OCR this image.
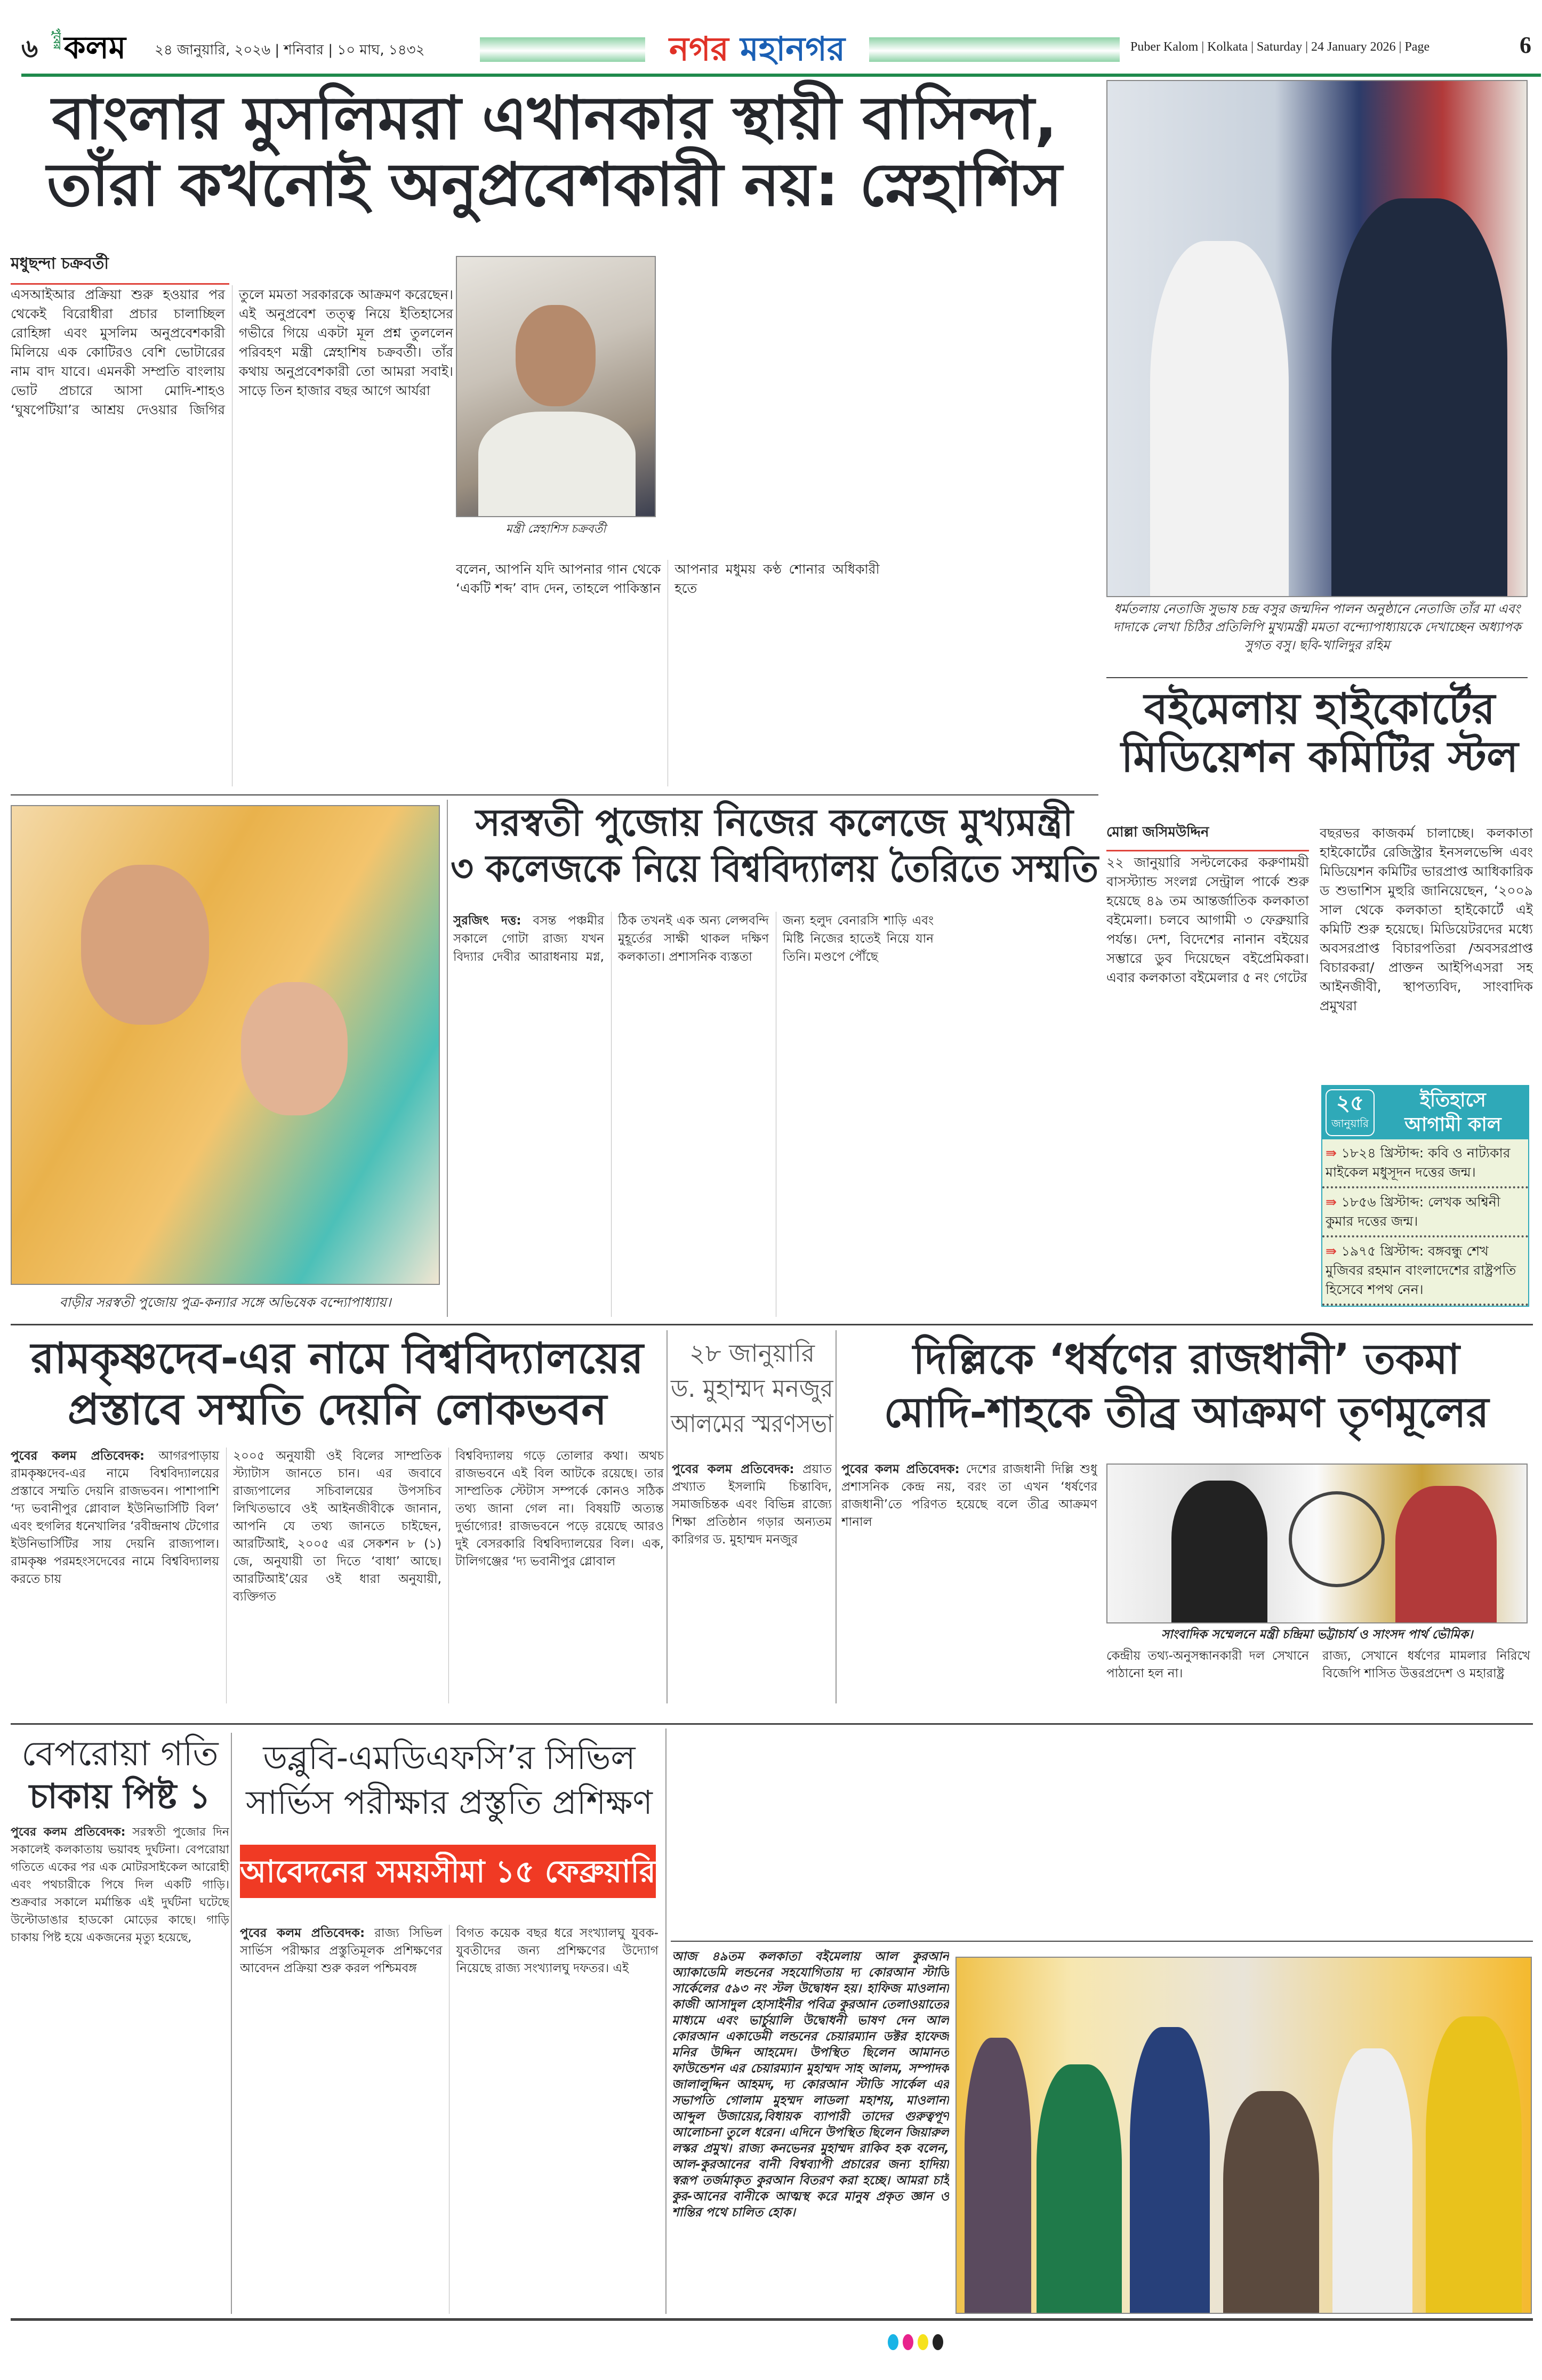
৬	পুবের কলম ২৪ জানুয়ারি, ২০২৬ | শনিবার | ১০ মাঘ, ১৪৩২	নগর মহানগর	Puber Kalom | Kolkata | Saturday | 24 January 2026 | Page	6
বাংলার মুসলিমরা এখানকার স্থায়ী বাসিন্দা,
তাঁরা কখনোই অনুপ্রবেশকারী নয়: স্নেহাশিস
মধুছন্দা চক্রবর্তী

এসআইআর প্রক্রিয়া শুরু হওয়ার পর থেকেই বিরোধীরা প্রচার চালাচ্ছিল রোহিঙ্গা এবং মুসলিম অনুপ্রবেশকারী মিলিয়ে এক কোটিরও বেশি ভোটারের নাম বাদ যাবে। এমনকী সম্প্রতি বাংলায় ভোট প্রচারে আসা মোদি-শাহও ‘ঘুষপেটিয়া’র আশ্রয় দেওয়ার জিগির তুলে মমতা সরকারকে আক্রমণ করেছেন। এই অনুপ্রবেশ তত্ত্ব নিয়ে ইতিহাসের গভীরে গিয়ে একটা মূল প্রশ্ন তুললেন পরিবহণ মন্ত্রী স্নেহাশিষ চক্রবর্তী। তাঁর কথায় অনুপ্রবেশকারী তো আমরা সবাই। সাড়ে তিন হাজার বছর আগে আর্যরা

মন্ত্রী স্নেহাশিস চক্রবর্তী

বলেন, আপনি যদি আপনার গান থেকে ‘একটি শব্দ’ বাদ দেন, তাহলে পাকিস্তান আপনার মধুময় কণ্ঠ শোনার অধিকারী হতে

ধর্মতলায় নেতাজি সুভাষ চন্দ্র বসুর জন্মদিন পালন অনুষ্ঠানে নেতাজি তাঁর মা এবং দাদাকে লেখা চিঠির প্রতিলিপি মুখ্যমন্ত্রী মমতা বন্দ্যোপাধ্যায়কে দেখাচ্ছেন অধ্যাপক সুগত বসু। ছবি-খালিদুর রহিম
বইমেলায় হাইকোর্টের
মিডিয়েশন কমিটির স্টল
মোল্লা জসিমউদ্দিন

২২ জানুয়ারি সল্টলেকের করুণাময়ী বাসস্ট্যান্ড সংলগ্ন সেন্ট্রাল পার্কে শুরু হয়েছে ৪৯ তম আন্তর্জাতিক কলকাতা বইমেলা। চলবে আগামী ৩ ফেব্রুয়ারি পর্যন্ত। দেশ, বিদেশের নানান বইয়ের সম্ভারে ডুব দিয়েছেন বইপ্রেমিকরা। এবার কলকাতা বইমেলার ৫ নং গেটের

বছরভর কাজকর্ম চালাচ্ছে। কলকাতা হাইকোর্টের রেজিস্ট্রার ইনসলভেন্সি এবং মিডিয়েশন কমিটির ভারপ্রাপ্ত আধিকারিক ড শুভাশিস মুহুরি জানিয়েছেন, ‘২০০৯ সাল থেকে কলকাতা হাইকোর্টে এই কমিটি শুরু হয়েছে। মিডিয়েটরদের মধ্যে অবসরপ্রাপ্ত বিচারপতিরা /অবসরপ্রাপ্ত বিচারকরা/ প্রাক্তন আইপিএসরা সহ আইনজীবী, স্থাপত্যবিদ, সাংবাদিক প্রমুখরা

২৫
জানুয়ারি
ইতিহাসে
আগামী কাল
⇛ ১৮২৪ খ্রিস্টাব্দ: কবি ও নাট্যকার মাইকেল মধুসূদন দত্তের জন্ম।
⇛ ১৮৫৬ খ্রিস্টাব্দ: লেখক অশ্বিনী কুমার দত্তের জন্ম।
⇛ ১৯৭৫ খ্রিস্টাব্দ: বঙ্গবন্ধু শেখ মুজিবর রহমান বাংলাদেশের রাষ্ট্রপতি হিসেবে শপথ নেন।
বাড়ীর সরস্বতী পুজোয় পুত্র-কন্যার সঙ্গে অভিষেক বন্দ্যোপাধ্যায়।
সরস্বতী পুজোয় নিজের কলেজে মুখ্যমন্ত্রী
৩ কলেজকে নিয়ে বিশ্ববিদ্যালয় তৈরিতে সম্মতি

সুরজিৎ দত্ত: বসন্ত পঞ্চমীর সকালে গোটা রাজ্য যখন বিদ্যার দেবীর আরাধনায় মগ্ন, ঠিক তখনই এক অন্য লেন্সবন্দি মুহূর্তের সাক্ষী থাকল দক্ষিণ কলকাতা। প্রশাসনিক ব্যস্ততা

জন্য হলুদ বেনারসি শাড়ি এবং মিষ্টি নিজের হাতেই নিয়ে যান তিনি। মণ্ডপে পৌঁছে

রামকৃষ্ণদেব-এর নামে বিশ্ববিদ্যালয়ের
প্রস্তাবে সম্মতি দেয়নি লোকভবন

পুবের কলম প্রতিবেদক: আগরপাড়ায় রামকৃষ্ণদেব-এর নামে বিশ্ববিদ্যালয়ের প্রস্তাবে সম্মতি দেয়নি রাজভবন। পাশাপাশি ‘দ্য ভবানীপুর গ্লোবাল ইউনিভার্সিটি বিল’ এবং হুগলির ধনেখালির ‘রবীন্দ্রনাথ টেগোর ইউনিভার্সিটির সায় দেয়নি রাজ্যপাল। রামকৃষ্ণ পরমহংসদেবের নামে বিশ্ববিদ্যালয় করতে চায়

২০০৫ অনুযায়ী ওই বিলের সাম্প্রতিক স্ট্যাটাস জানতে চান। এর জবাবে রাজ্যপালের সচিবালয়ের উপসচিব লিখিতভাবে ওই আইনজীবীকে জানান, আপনি যে তথ্য জানতে চাইছেন, আরটিআই, ২০০৫ এর সেকশন ৮ (১) জে, অনুযায়ী তা দিতে ‘বাধা’ আছে। আরটিআই’য়ের ওই ধারা অনুযায়ী, ব্যক্তিগত

বিশ্ববিদ্যালয় গড়ে তোলার কথা। অথচ রাজভবনে এই বিল আটকে রয়েছে। তার সাম্প্রতিক স্টেটাস সম্পর্কে কোনও সঠিক তথ্য জানা গেল না। বিষয়টি অত্যন্ত দুর্ভাগ্যের! রাজভবনে পড়ে রয়েছে আরও দুই বেসরকারি বিশ্ববিদ্যালয়ের বিল। এক, টালিগঞ্জের ‘দ্য ভবানীপুর গ্লোবাল

২৮ জানুয়ারি
ড. মুহাম্মদ মনজুর
আলমের স্মরণসভা

পুবের কলম প্রতিবেদক: প্রয়াত প্রখ্যাত ইসলামি চিন্তাবিদ, সমাজচিন্তক এবং বিভিন্ন রাজ্যে শিক্ষা প্রতিষ্ঠান গড়ার অন্যতম কারিগর ড. মুহাম্মদ মনজুর

দিল্লিকে ‘ধর্ষণের রাজধানী’ তকমা
মোদি-শাহকে তীব্র আক্রমণ তৃণমূলের

পুবের কলম প্রতিবেদক: দেশের রাজধানী দিল্লি শুধু প্রশাসনিক কেন্দ্র নয়, বরং তা এখন ‘ধর্ষণের রাজধানী’তে পরিণত হয়েছে বলে তীব্র আক্রমণ শানাল

সাংবাদিক সম্মেলনে মন্ত্রী চন্দ্রিমা ভট্টাচার্য ও সাংসদ পার্থ ভৌমিক।

কেন্দ্রীয় তথ্য-অনুসন্ধানকারী দল সেখানে পাঠানো হল না।

রাজ্য, সেখানে ধর্ষণের মামলার নিরিখে বিজেপি শাসিত উত্তরপ্রদেশ ও মহারাষ্ট্র

বেপরোয়া গতি
চাকায় পিষ্ট ১

পুবের কলম প্রতিবেদক: সরস্বতী পুজোর দিন সকালেই কলকাতায় ভয়াবহ দুর্ঘটনা। বেপরোয়া গতিতে একের পর এক মোটরসাইকেল আরোহী এবং পথচারীকে পিষে দিল একটি গাড়ি। শুক্রবার সকালে মর্মান্তিক এই দুর্ঘটনা ঘটেছে উল্টোডাঙার হাডকো মোড়ের কাছে। গাড়ি চাকায় পিষ্ট হয়ে একজনের মৃত্যু হয়েছে,

ডব্লুবি-এমডিএফসি’র সিভিল
সার্ভিস পরীক্ষার প্রস্তুতি প্রশিক্ষণ
আবেদনের সময়সীমা ১৫ ফেব্রুয়ারি

পুবের কলম প্রতিবেদক: রাজ্য সিভিল সার্ভিস পরীক্ষার প্রস্তুতিমূলক প্রশিক্ষণের আবেদন প্রক্রিয়া শুরু করল পশ্চিমবঙ্গ

বিগত কয়েক বছর ধরে সংখ্যালঘু যুবক-যুবতীদের জন্য প্রশিক্ষণের উদ্যোগ নিয়েছে রাজ্য সংখ্যালঘু দফতর। এই

আজ ৪৯তম কলকাতা বইমেলায় আল কুরআন অ্যাকাডেমি লন্ডনের সহযোগিতায় দ্য কোরআন স্টাডি সার্কেলের ৫৯৩ নং স্টল উদ্বোধন হয়। হাফিজ মাওলানা কাজী আসাদুল হোসাইনীর পবিত্র কুরআন তেলাওয়াতের মাধ্যমে এবং ভার্চুয়ালি উদ্বোধনী ভাষণ দেন আল কোরআন একাডেমী লন্ডনের চেয়ারম্যান ডক্টর হাফেজ মনির উদ্দিন আহমেদ। উপস্থিত ছিলেন আমানত ফাউন্ডেশন এর চেয়ারম্যান মুহাম্মদ সাহ আলম, সম্পাদক জালালুদ্দিন আহমদ, দ্য কোরআন স্টাডি সার্কেল এর সভাপতি গোলাম মুহম্মদ লাডলা মহাশয়, মাওলানা আব্দুল উজায়ের,বিধায়ক ব্যাপারী তাদের গুরুত্বপূর্ণ আলোচনা তুলে ধরেন। এদিনে উপস্থিত ছিলেন জিয়ারুল লস্কর প্রমুখ। রাজ্য কনভেনর মুহাম্মদ রাকিব হক বলেন, আল-কুরআনের বানী বিশ্বব্যাপী প্রচারের জন্য হাদিয়া স্বরূপ তর্জমাকৃত কুরআন বিতরণ করা হচ্ছে। আমরা চাই কুর-আনের বানীকে আত্মস্থ করে মানুষ প্রকৃত জ্ঞান ও শান্তির পথে চালিত হোক।
